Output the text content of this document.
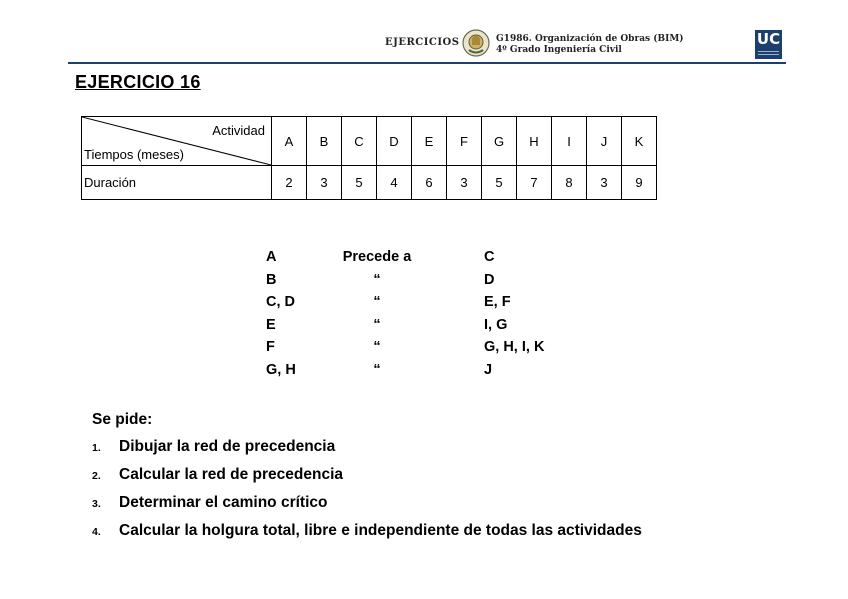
EJERCICIOS	G1986. Organización de Obras (BIM)
4º Grado Ingeniería Civil
UC
EJERCICIO 16
Actividad
Tiempos (meses)	A	B	C	D	E	F	G	H	I	J	K
Duración	2	3	5	4	6	3	5	7	8	3	9
A	Precede a	C
B	“	D
C, D	“	E, F
E	“	I, G
F	“	G, H, I, K
G, H	“	J
Se pide:
1. Dibujar la red de precedencia
2. Calcular la red de precedencia
3. Determinar el camino crítico
4. Calcular la holgura total, libre e independiente de todas las actividades
